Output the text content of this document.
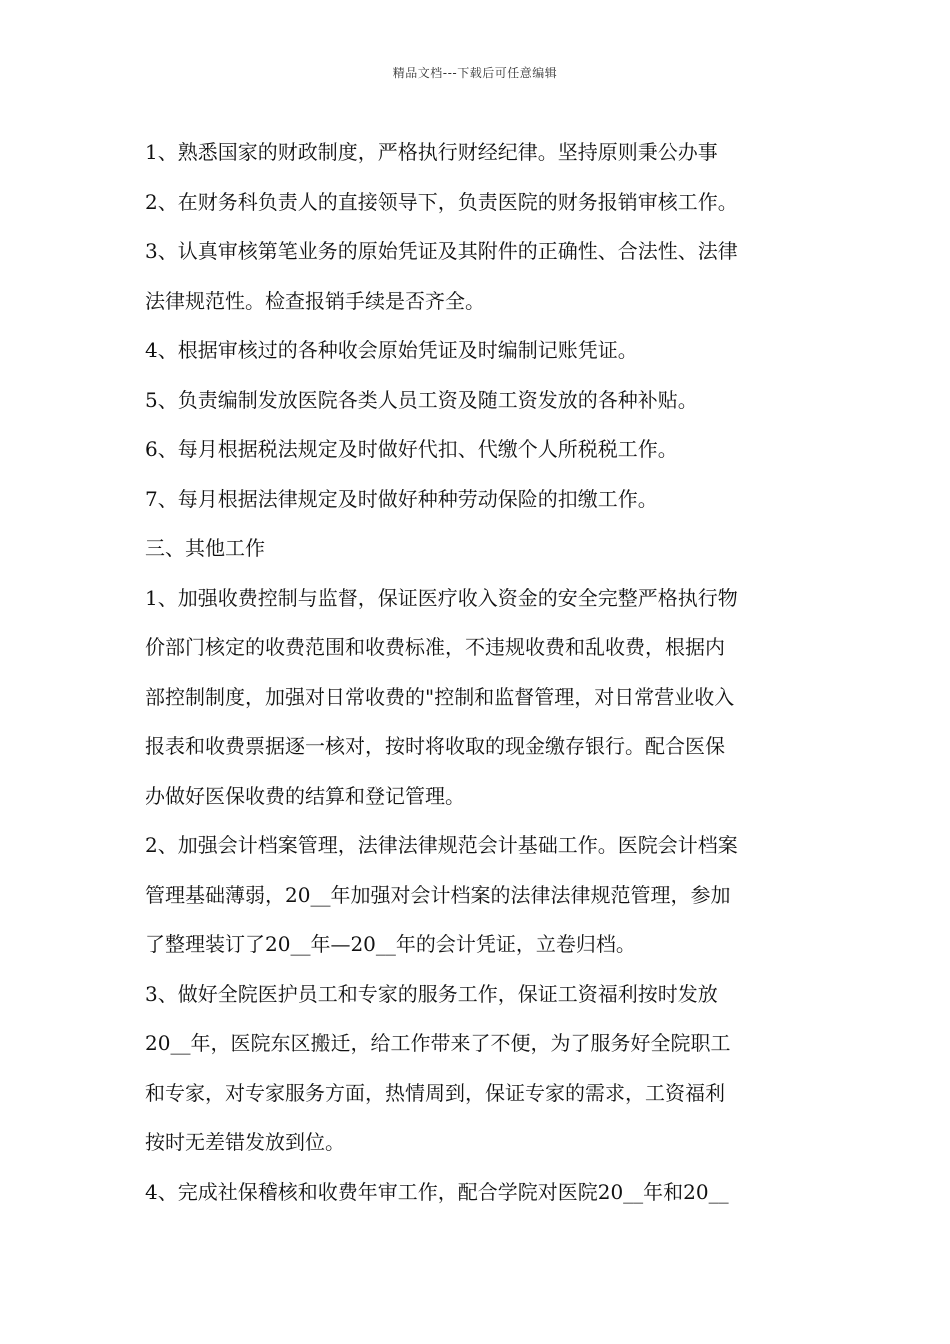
精品文档---下载后可任意编辑
1、熟悉国家的财政制度，严格执行财经纪律。坚持原则秉公办事
2、在财务科负责人的直接领导下，负责医院的财务报销审核工作。
3、认真审核第笔业务的原始凭证及其附件的正确性、合法性、法律
法律规范性。检查报销手续是否齐全。
4、根据审核过的各种收会原始凭证及时编制记账凭证。
5、负责编制发放医院各类人员工资及随工资发放的各种补贴。
6、每月根据税法规定及时做好代扣、代缴个人所税税工作。
7、每月根据法律规定及时做好种种劳动保险的扣缴工作。
三、其他工作
1、加强收费控制与监督，保证医疗收入资金的安全完整严格执行物
价部门核定的收费范围和收费标准，不违规收费和乱收费，根据内
部控制制度，加强对日常收费的"控制和监督管理，对日常营业收入
报表和收费票据逐一核对，按时将收取的现金缴存银行。配合医保
办做好医保收费的结算和登记管理。
2、加强会计档案管理，法律法律规范会计基础工作。医院会计档案
管理基础薄弱，20__年加强对会计档案的法律法律规范管理，参加
了整理装订了20__年—20__年的会计凭证，立卷归档。
3、做好全院医护员工和专家的服务工作，保证工资福利按时发放
20__年，医院东区搬迁，给工作带来了不便，为了服务好全院职工
和专家，对专家服务方面，热情周到，保证专家的需求，工资福利
按时无差错发放到位。
4、完成社保稽核和收费年审工作，配合学院对医院20__年和20__
